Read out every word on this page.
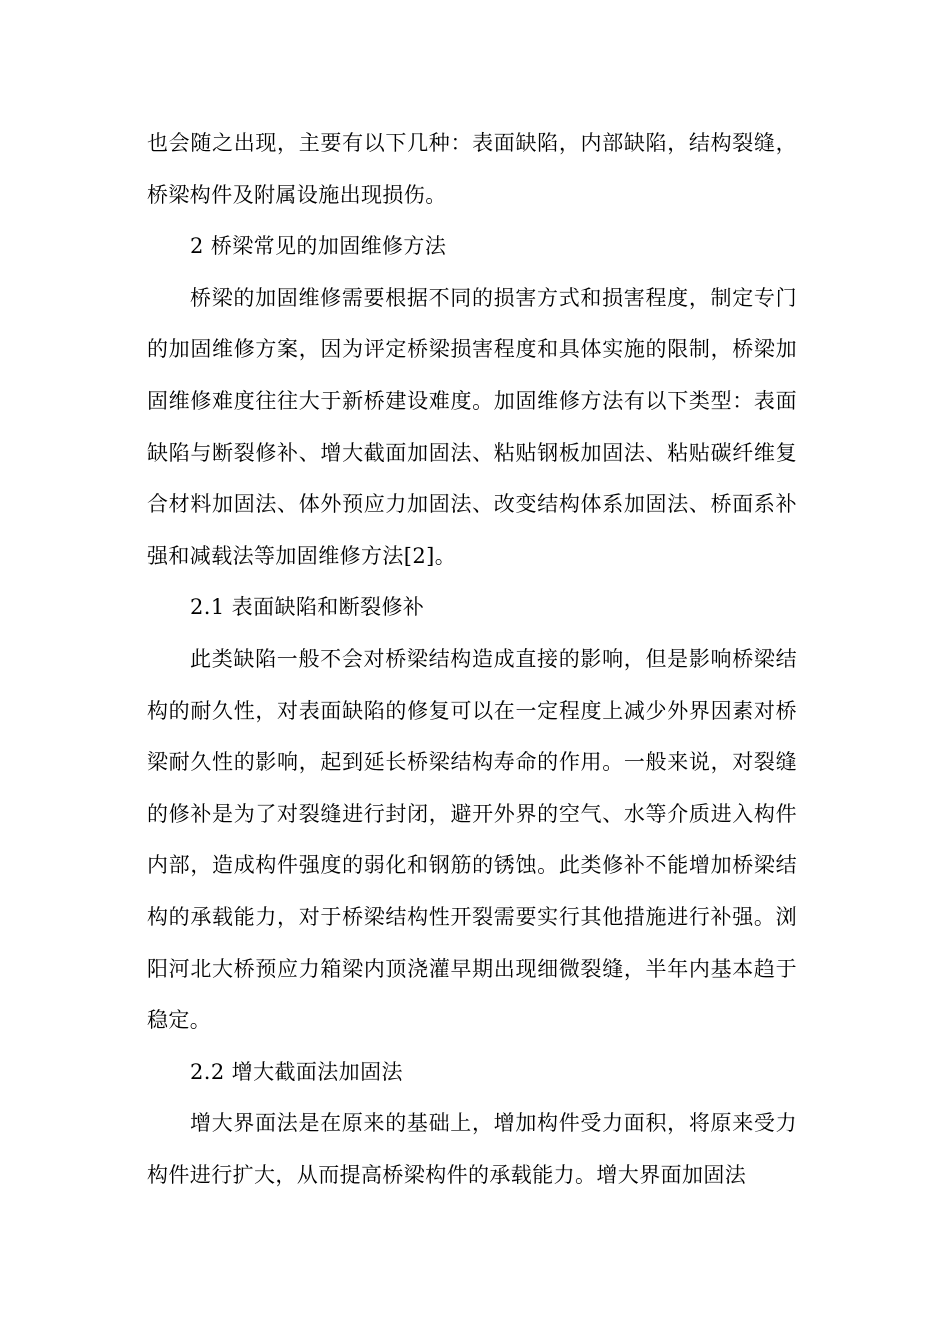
也会随之出现，主要有以下几种：表面缺陷，内部缺陷，结构裂缝，桥梁构件及附属设施出现损伤。

2 桥梁常见的加固维修方法

桥梁的加固维修需要根据不同的损害方式和损害程度，制定专门的加固维修方案，因为评定桥梁损害程度和具体实施的限制，桥梁加固维修难度往往大于新桥建设难度。加固维修方法有以下类型：表面缺陷与断裂修补、增大截面加固法、粘贴钢板加固法、粘贴碳纤维复合材料加固法、体外预应力加固法、改变结构体系加固法、桥面系补强和减载法等加固维修方法[2]。

2.1 表面缺陷和断裂修补

此类缺陷一般不会对桥梁结构造成直接的影响，但是影响桥梁结构的耐久性，对表面缺陷的修复可以在一定程度上减少外界因素对桥梁耐久性的影响，起到延长桥梁结构寿命的作用。一般来说，对裂缝的修补是为了对裂缝进行封闭，避开外界的空气、水等介质进入构件内部，造成构件强度的弱化和钢筋的锈蚀。此类修补不能增加桥梁结构的承载能力，对于桥梁结构性开裂需要实行其他措施进行补强。浏阳河北大桥预应力箱梁内顶浇灌早期出现细微裂缝，半年内基本趋于稳定。

2.2 增大截面法加固法

增大界面法是在原来的基础上，增加构件受力面积，将原来受力构件进行扩大，从而提高桥梁构件的承载能力。增大界面加固法
